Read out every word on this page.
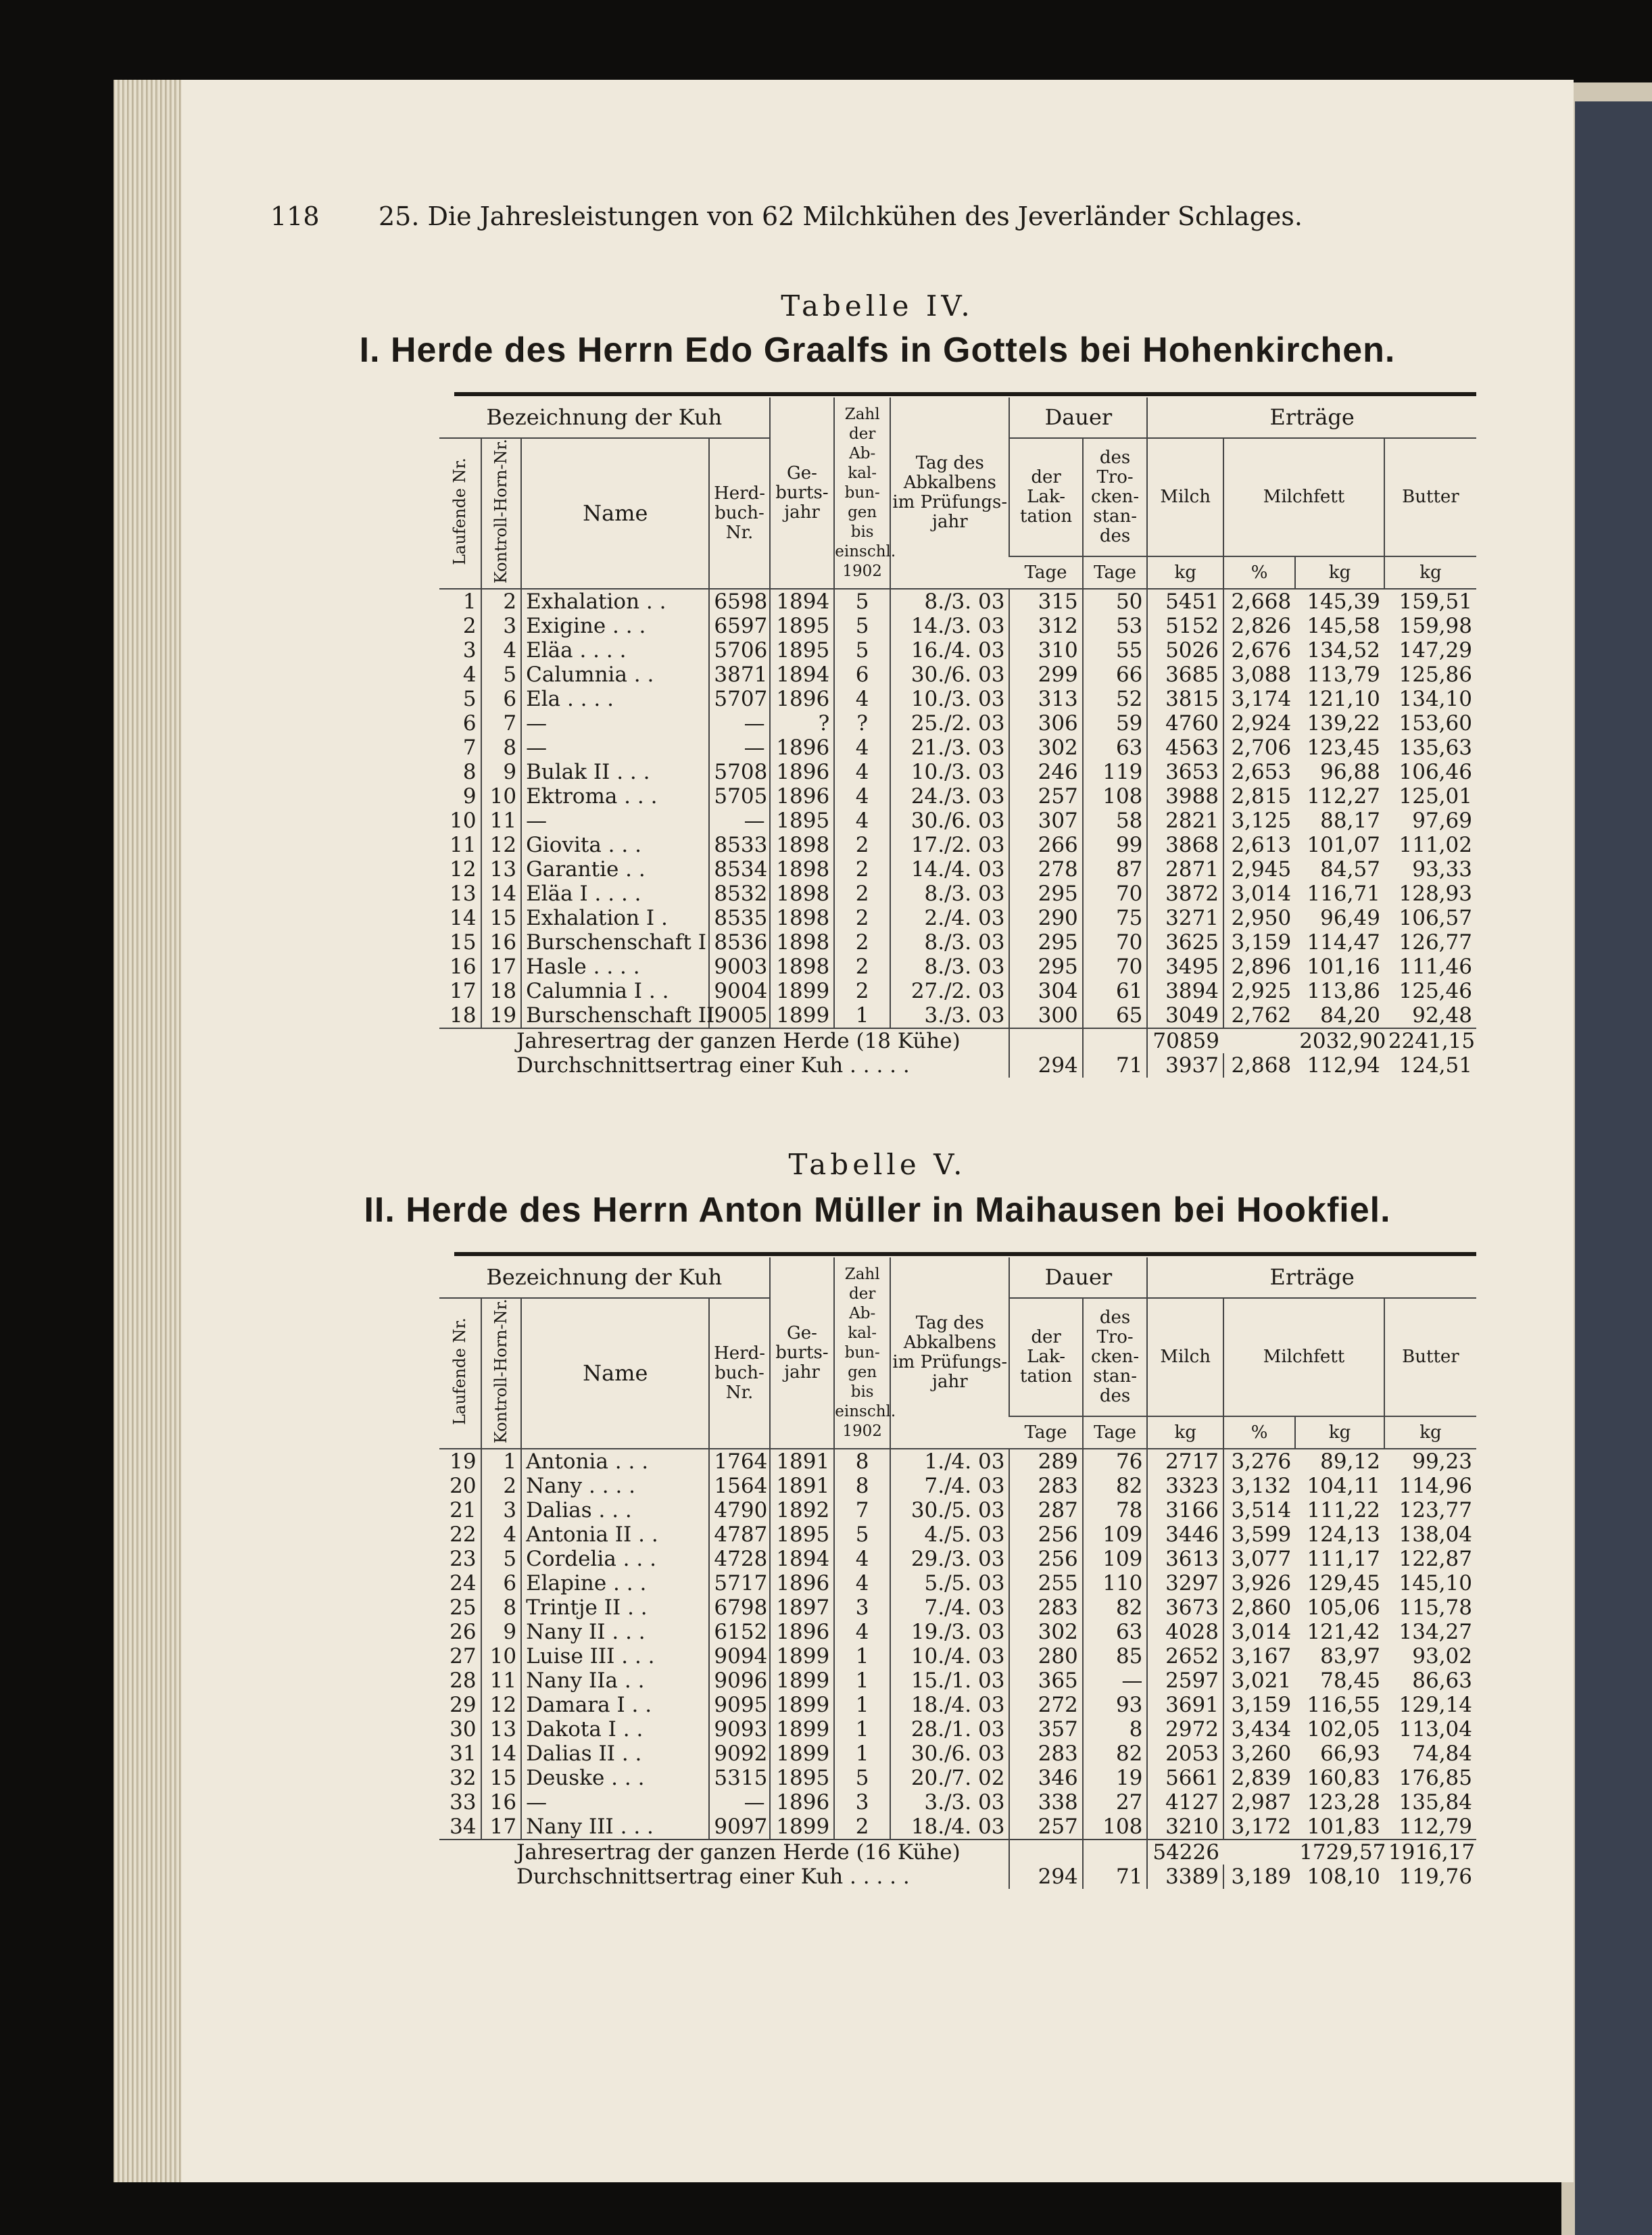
118	25. Die Jahresleistungen von 62 Milchkühen des Jeverländer Schlages.
Tabelle IV.
I. Herde des Herrn Edo Graalfs in Gottels bei Hohenkirchen.
Bezeichnung der Kuh				Ge-burts-jahr	Zahl der Ab-kal-bun-gen bis einschl. 1902	Tag des Abkalbens im Prüfungs-jahr	Dauer		Erträge			
Laufende Nr.	Kontroll-Horn-Nr.	Name	Herd-buch-Nr.				der Lak-tation	des Tro-cken-stan-des	Milch	Milchfett		Butter
							Tage	Tage	kg	%	kg	kg
1	2	Exhalation . .	6598	1894	5	8./3. 03	315	50	5451	2,668	145,39	159,51
2	3	Exigine . . .	6597	1895	5	14./3. 03	312	53	5152	2,826	145,58	159,98
3	4	Eläa . . . .	5706	1895	5	16./4. 03	310	55	5026	2,676	134,52	147,29
4	5	Calumnia . .	3871	1894	6	30./6. 03	299	66	3685	3,088	113,79	125,86
5	6	Ela . . . .	5707	1896	4	10./3. 03	313	52	3815	3,174	121,10	134,10
6	7	—	—	?	?	25./2. 03	306	59	4760	2,924	139,22	153,60
7	8	—	—	1896	4	21./3. 03	302	63	4563	2,706	123,45	135,63
8	9	Bulak II . . .	5708	1896	4	10./3. 03	246	119	3653	2,653	96,88	106,46
9	10	Ektroma . . .	5705	1896	4	24./3. 03	257	108	3988	2,815	112,27	125,01
10	11	—	—	1895	4	30./6. 03	307	58	2821	3,125	88,17	97,69
11	12	Giovita . . .	8533	1898	2	17./2. 03	266	99	3868	2,613	101,07	111,02
12	13	Garantie . .	8534	1898	2	14./4. 03	278	87	2871	2,945	84,57	93,33
13	14	Eläa I . . . .	8532	1898	2	8./3. 03	295	70	3872	3,014	116,71	128,93
14	15	Exhalation I .	8535	1898	2	2./4. 03	290	75	3271	2,950	96,49	106,57
15	16	Burschenschaft I	8536	1898	2	8./3. 03	295	70	3625	3,159	114,47	126,77
16	17	Hasle . . . .	9003	1898	2	8./3. 03	295	70	3495	2,896	101,16	111,46
17	18	Calumnia I . .	9004	1899	2	27./2. 03	304	61	3894	2,925	113,86	125,46
18	19	Burschenschaft II	9005	1899	1	3./3. 03	300	65	3049	2,762	84,20	92,48
Jahresertrag der ganzen Herde (18 Kühe)									70859		2032,90	2241,15
Durchschnittsertrag einer Kuh . . . . .							294	71	3937	2,868	112,94	124,51
Tabelle V.
II. Herde des Herrn Anton Müller in Maihausen bei Hookfiel.
Bezeichnung der Kuh				Ge-burts-jahr	Zahl der Ab-kal-bun-gen bis einschl. 1902	Tag des Abkalbens im Prüfungs-jahr	Dauer		Erträge			
Laufende Nr.	Kontroll-Horn-Nr.	Name	Herd-buch-Nr.				der Lak-tation	des Tro-cken-stan-des	Milch	Milchfett		Butter
							Tage	Tage	kg	%	kg	kg
19	1	Antonia . . .	1764	1891	8	1./4. 03	289	76	2717	3,276	89,12	99,23
20	2	Nany . . . .	1564	1891	8	7./4. 03	283	82	3323	3,132	104,11	114,96
21	3	Dalias . . .	4790	1892	7	30./5. 03	287	78	3166	3,514	111,22	123,77
22	4	Antonia II . .	4787	1895	5	4./5. 03	256	109	3446	3,599	124,13	138,04
23	5	Cordelia . . .	4728	1894	4	29./3. 03	256	109	3613	3,077	111,17	122,87
24	6	Elapine . . .	5717	1896	4	5./5. 03	255	110	3297	3,926	129,45	145,10
25	8	Trintje II . .	6798	1897	3	7./4. 03	283	82	3673	2,860	105,06	115,78
26	9	Nany II . . .	6152	1896	4	19./3. 03	302	63	4028	3,014	121,42	134,27
27	10	Luise III . . .	9094	1899	1	10./4. 03	280	85	2652	3,167	83,97	93,02
28	11	Nany IIa . .	9096	1899	1	15./1. 03	365	—	2597	3,021	78,45	86,63
29	12	Damara I . .	9095	1899	1	18./4. 03	272	93	3691	3,159	116,55	129,14
30	13	Dakota I . .	9093	1899	1	28./1. 03	357	8	2972	3,434	102,05	113,04
31	14	Dalias II . .	9092	1899	1	30./6. 03	283	82	2053	3,260	66,93	74,84
32	15	Deuske . . .	5315	1895	5	20./7. 02	346	19	5661	2,839	160,83	176,85
33	16	—	—	1896	3	3./3. 03	338	27	4127	2,987	123,28	135,84
34	17	Nany III . . .	9097	1899	2	18./4. 03	257	108	3210	3,172	101,83	112,79
Jahresertrag der ganzen Herde (16 Kühe)									54226		1729,57	1916,17
Durchschnittsertrag einer Kuh . . . . .							294	71	3389	3,189	108,10	119,76
